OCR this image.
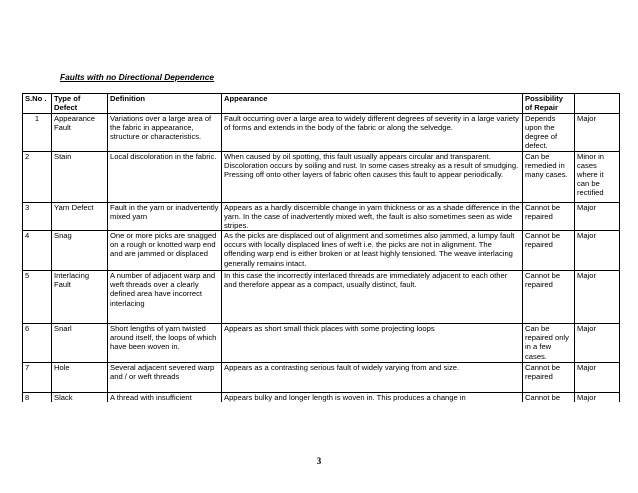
Faults with no Directional Dependence
S.No .	Type of Defect	Definition	Appearance	Possibility of Repair	
1	Appearance Fault	Variations over a large area of the fabric in appearance, structure or characteristics.	Fault occurring over a large area to widely different degrees of severity in a large variety of forms and extends in the body of the fabric or along the selvedge.	Depends upon the degree of defect.	Major
2	Stain	Local discoloration in the fabric.	When caused by oil spotting, this fault usually appears circular and transparent. Discoloration occurs by soiling and rust. In some cases streaky as a result of smudging. Pressing off onto other layers of fabric often causes this fault to appear periodically.	Can be remedied in many cases.	Minor in cases where it can be rectified
3	Yarn Defect	Fault in the yarn or inadvertently mixed yarn	Appears as a hardly discernible change in yarn thickness or as a shade difference in the yarn. In the case of inadvertently mixed weft, the fault is also sometimes seen as wide stripes.	Cannot be repaired	Major
4	Snag	One or more picks are snagged on a rough or knotted warp end and are jammed or displaced	As the picks are displaced out of alignment and sometimes also jammed, a lumpy fault occurs with locally displaced lines of weft i.e. the picks are not in alignment. The offending warp end is either broken or at least highly tensioned. The weave interlacing generally remains intact.	Cannot be repaired	Major
5	Interlacing Fault	A number of adjacent warp and weft threads over a clearly defined area have incorrect interlacing	In this case the incorrectly interlaced threads are immediately adjacent to each other and therefore appear as a compact, usually distinct, fault.	Cannot be repaired	Major
6	Snarl	Short lengths of yarn twisted around itself, the loops of which have been woven in.	Appears as short small thick places with some projecting loops	Can be repaired only in a few cases.	Major
7	Hole	Several adjacent severed warp and / or weft threads	Appears as a contrasting serious fault of widely varying from and size.	Cannot be repaired	Major
8	Slack	A thread with insufficient	Appears bulky and longer length is woven in. This produces a change in	Cannot be	Major
3
